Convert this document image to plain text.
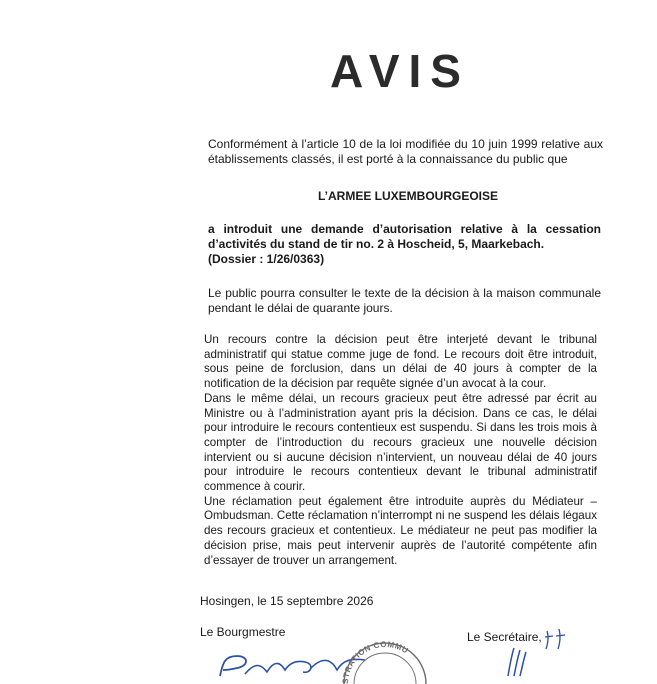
AVIS
Conformément à l’article 10 de la loi modifiée du 10 juin 1999 relative aux établissements classés, il est porté à la connaissance du public que
L’ARMEE LUXEMBOURGEOISE
a introduit une demande d’autorisation relative à la cessation d’activités du stand de tir no. 2 à Hoscheid, 5, Maarkebach.
(Dossier : 1/26/0363)
Le public pourra consulter le texte de la décision à la maison communale pendant le délai de quarante jours.

Un recours contre la décision peut être interjeté devant le tribunal administratif qui statue comme juge de fond. Le recours doit être introduit, sous peine de forclusion, dans un délai de 40 jours à compter de la notification de la décision par requête signée d’un avocat à la cour.

Dans le même délai, un recours gracieux peut être adressé par écrit au Ministre ou à l’administration ayant pris la décision. Dans ce cas, le délai pour introduire le recours contentieux est suspendu. Si dans les trois mois à compter de l’introduction du recours gracieux une nouvelle décision intervient ou si aucune décision n’intervient, un nouveau délai de 40 jours pour introduire le recours contentieux devant le tribunal administratif commence à courir.

Une réclamation peut également être introduite auprès du Médiateur – Ombudsman. Cette réclamation n’interrompt ni ne suspend les délais légaux des recours gracieux et contentieux. Le médiateur ne peut pas modifier la décision prise, mais peut intervenir auprès de l’autorité compétente afin d’essayer de trouver un arrangement.

Hosingen, le 15 septembre 2026
Le Bourgmestre	Le Secrétaire,
STRATION COMMU
